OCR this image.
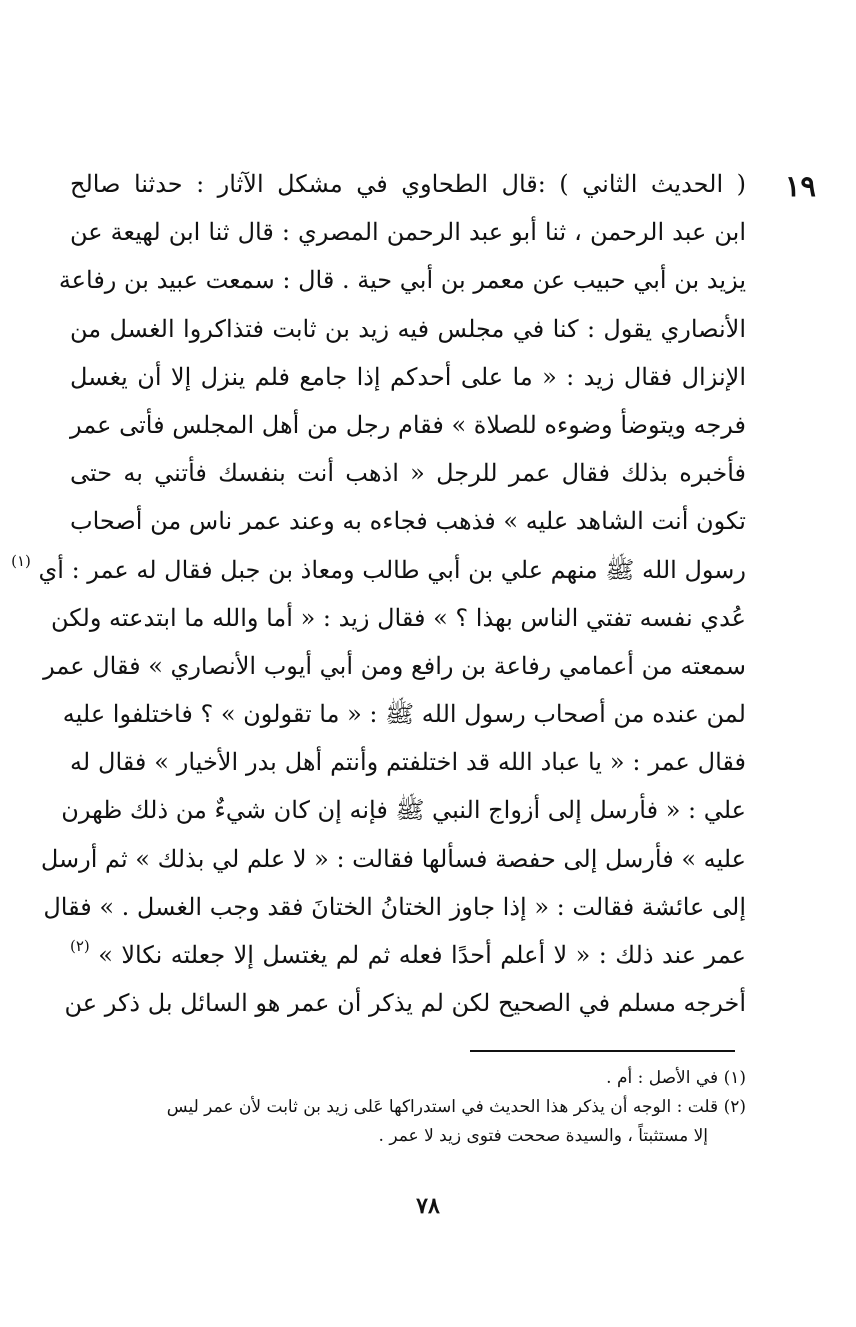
١٩
( الحديث الثاني ) :قال الطحاوي في مشكل الآثار : حدثنا صالح
ابن عبد الرحمن ، ثنا أبو عبد الرحمن المصري : قال ثنا ابن لهيعة عن
يزيد بن أبي حبيب عن معمر بن أبي حية . قال : سمعت عبيد بن رفاعة
الأنصاري يقول : كنا في مجلس فيه زيد بن ثابت فتذاكروا الغسل من
الإنزال فقال زيد : « ما على أحدكم إذا جامع فلم ينزل إلا أن يغسل
فرجه ويتوضأ وضوءه للصلاة » فقام رجل من أهل المجلس فأتى عمر
فأخبره بذلك فقال عمر للرجل « اذهب أنت بنفسك فأتني به حتى
تكون أنت الشاهد عليه » فذهب فجاءه به وعند عمر ناس من أصحاب
رسول الله ﷺ منهم علي بن أبي طالب ومعاذ بن جبل فقال له عمر : أي $^{(١)}$
عُدي نفسه تفتي الناس بهذا ؟ » فقال زيد : « أما والله ما ابتدعته ولكن
سمعته من أعمامي رفاعة بن رافع ومن أبي أيوب الأنصاري » فقال عمر
لمن عنده من أصحاب رسول الله ﷺ : « ما تقولون » ؟ فاختلفوا عليه
فقال عمر : « يا عباد الله قد اختلفتم وأنتم أهل بدر الأخيار » فقال له
علي : « فأرسل إلى أزواج النبي ﷺ فإنه إن كان شيءٌ من ذلك ظهرن
عليه » فأرسل إلى حفصة فسألها فقالت : « لا علم لي بذلك » ثم أرسل
إلى عائشة فقالت : « إذا جاوز الختانُ الختانَ فقد وجب الغسل . » فقال
عمر عند ذلك : « لا أعلم أحدًا فعله ثم لم يغتسل إلا جعلته نكالا » $^{(٢)}$
أخرجه مسلم في الصحيح لكن لم يذكر أن عمر هو السائل بل ذكر عن
(١) في الأصل : أم .
(٢) قلت : الوجه أن يذكر هذا الحديث في استدراكها عَلى زيد بن ثابت لأن عمر ليس
إلا مستثبتاً ، والسيدة صححت فتوى زيد لا عمر .
٧٨
